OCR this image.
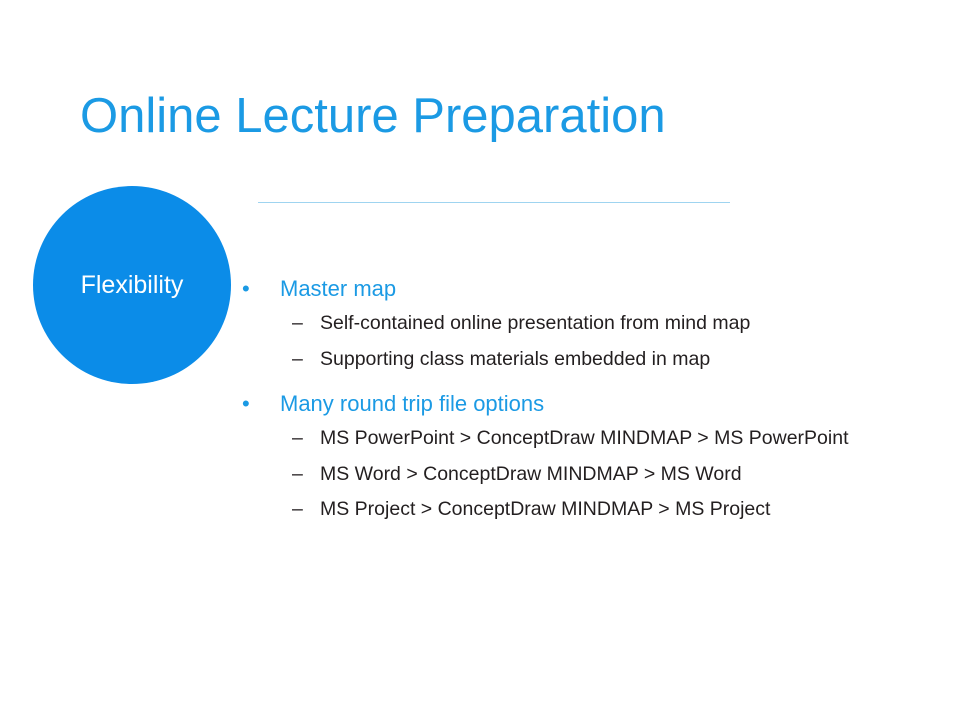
Online Lecture Preparation
Flexibility	• Master map
– Self-contained online presentation from mind map
– Supporting class materials embedded in map
• Many round trip file options
– MS PowerPoint > ConceptDraw MINDMAP > MS PowerPoint
– MS Word > ConceptDraw MINDMAP > MS Word
– MS Project > ConceptDraw MINDMAP > MS Project
